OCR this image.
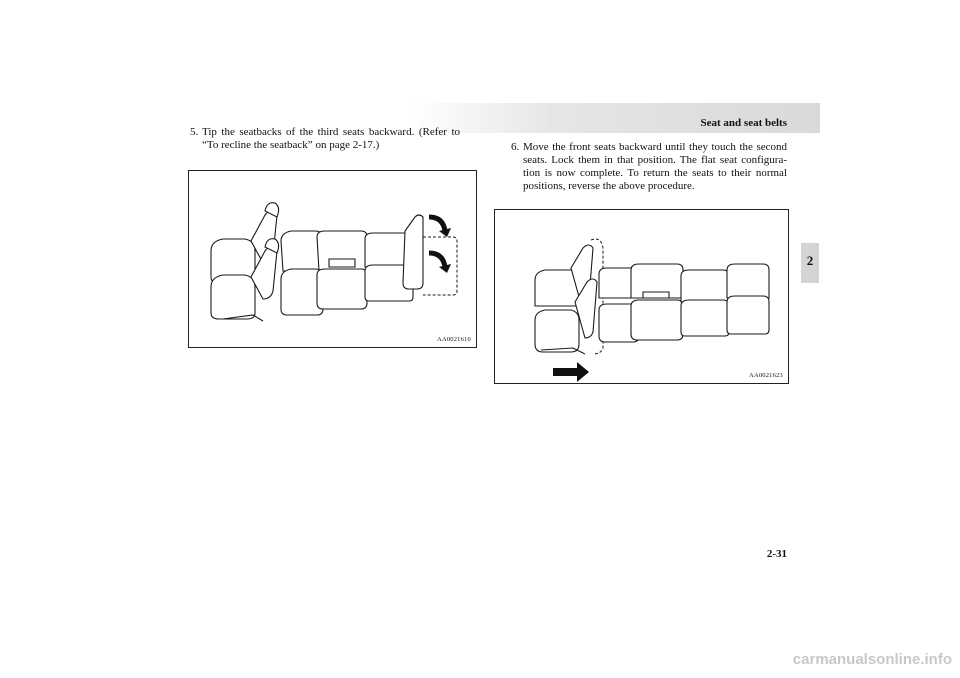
Seat and seat belts
2
5. Tip the seatbacks of the third seats backward. (Refer to “To recline the seatback” on page 2-17.)	6. Move the front seats backward until they touch the second seats. Lock them in that position. The flat seat configura-tion is now complete. To return the seats to their normal positions, reverse the above procedure.
AA0021610
AA0021623
2-31
carmanualsonline.info
